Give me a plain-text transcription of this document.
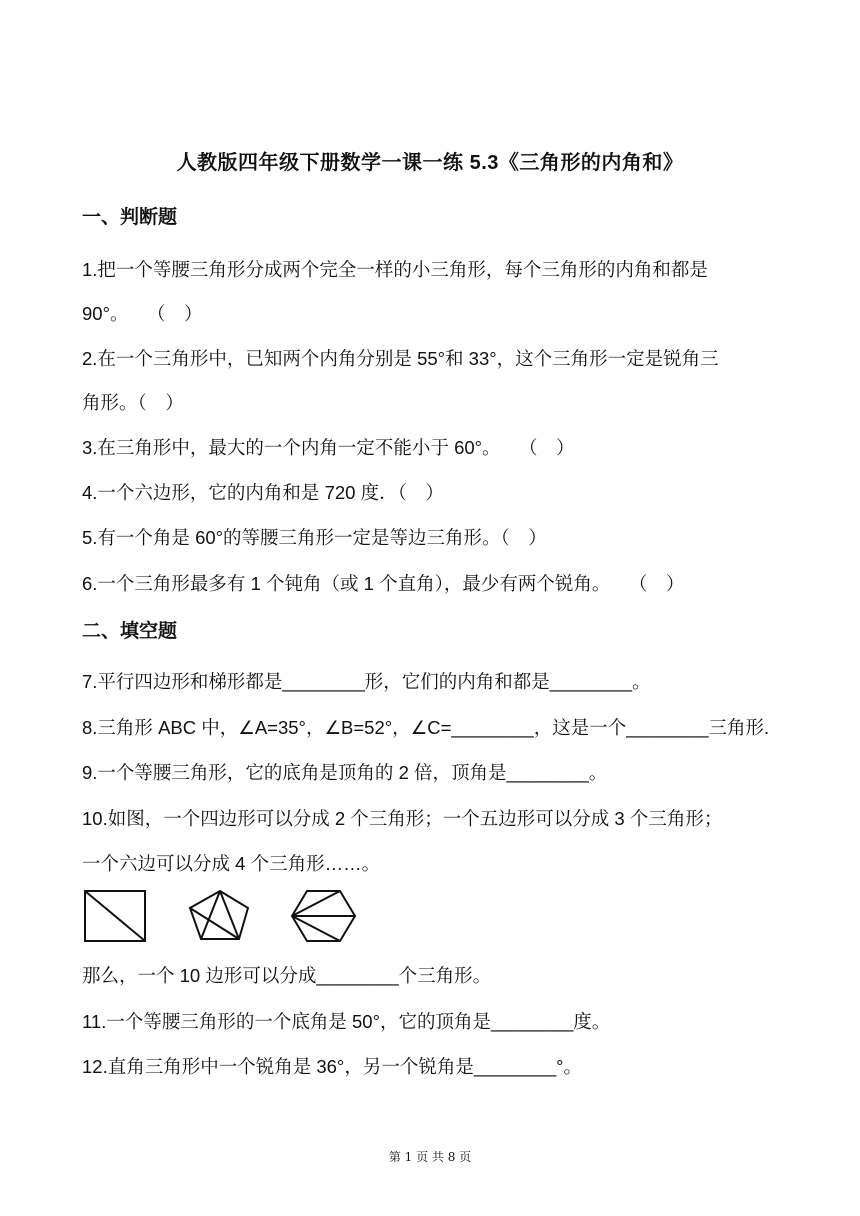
人教版四年级下册数学一课一练 5.3《三角形的内角和》
一、判断题
1.把一个等腰三角形分成两个完全一样的小三角形，每个三角形的内角和都是
90°。　　（　）
2.在一个三角形中，已知两个内角分别是 55°和 33°，这个三角形一定是锐角三
角形。（　）
3.在三角形中，最大的一个内角一定不能小于 60°。　　（　）
4.一个六边形，它的内角和是 720 度．（　）
5.有一个角是 60°的等腰三角形一定是等边三角形。（　）
6.一个三角形最多有 1 个钝角（或 1 个直角），最少有两个锐角。　　（　）
二、填空题
7.平行四边形和梯形都是________形，它们的内角和都是________。
8.三角形 ABC 中，∠A=35°，∠B=52°，∠C=________，这是一个________三角形.
9.一个等腰三角形，它的底角是顶角的 2 倍，顶角是________。
10.如图，一个四边形可以分成 2 个三角形；一个五边形可以分成 3 个三角形；
一个六边可以分成 4 个三角形……。
那么，一个 10 边形可以分成________个三角形。
11.一个等腰三角形的一个底角是 50°，它的顶角是________度。
12.直角三角形中一个锐角是 36°，另一个锐角是________°。
第 1 页 共 8 页
